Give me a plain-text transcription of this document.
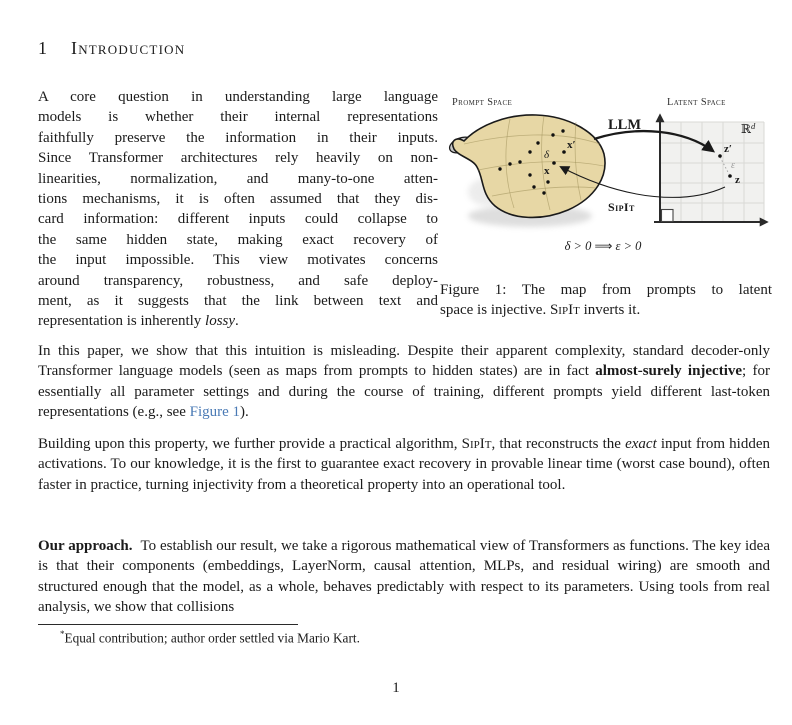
1 Introduction
A core question in understanding large language
models is whether their internal representations
faithfully preserve the information in their inputs.
Since Transformer architectures rely heavily on non-
linearities, normalization, and many-to-one atten-
tions mechanisms, it is often assumed that they dis-
card information: different inputs could collapse to
the same hidden state, making exact recovery of
the input impossible. This view motivates concerns
around transparency, robustness, and safe deploy-
ment, as it suggests that the link between text and
representation is inherently lossy.
Prompt Space	Latent Space
x′
x
δ
ℝ$^d$
ε
z′
z
LLM
SipIt
δ > 0 ⟹ ε > 0
Figure 1: The map from prompts to latent
space is injective. SipIt inverts it.

In this paper, we show that this intuition is misleading. Despite their apparent complexity, standard decoder-only Transformer language models (seen as maps from prompts to hidden states) are in fact almost-surely injective; for essentially all parameter settings and during the course of training, different prompts yield different last-token representations (e.g., see Figure 1).

Building upon this property, we further provide a practical algorithm, SipIt, that reconstructs the exact input from hidden activations. To our knowledge, it is the first to guarantee exact recovery in provable linear time (worst case bound), often faster in practice, turning injectivity from a theoretical property into an operational tool.

Our approach. To establish our result, we take a rigorous mathematical view of Transformers as functions. The key idea is that their components (embeddings, LayerNorm, causal attention, MLPs, and residual wiring) are smooth and structured enough that the model, as a whole, behaves predictably with respect to its parameters. Using tools from real analysis, we show that collisions

*Equal contribution; author order settled via Mario Kart.
1
